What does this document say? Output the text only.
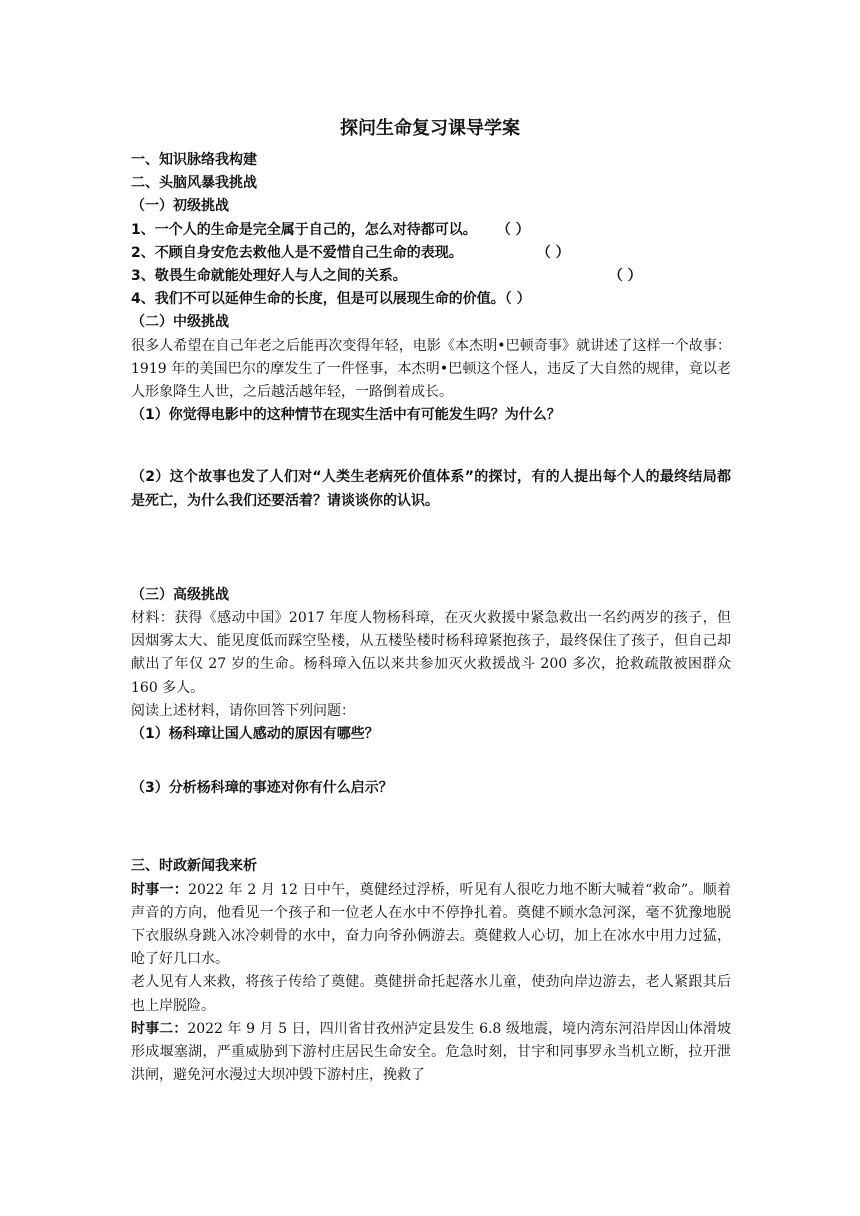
探问生命复习课导学案
一、知识脉络我构建
二、头脑风暴我挑战
（一）初级挑战
1、一个人的生命是完全属于自己的，怎么对待都可以。 （ ）
2、不顾自身安危去救他人是不爱惜自己生命的表现。	（ ）
3、敬畏生命就能处理好人与人之间的关系。	（ ）
4、我们不可以延伸生命的长度，但是可以展现生命的价值。（ ）
（二）中级挑战
很多人希望在自己年老之后能再次变得年轻，电影《本杰明•巴顿奇事》就讲述了这样一个故事：1919 年的美国巴尔的摩发生了一件怪事，本杰明•巴顿这个怪人，违反了大自然的规律，竟以老人形象降生人世，之后越活越年轻，一路倒着成长。
（1）你觉得电影中的这种情节在现实生活中有可能发生吗？为什么？
（2）这个故事也发了人们对“人类生老病死价值体系”的探讨，有的人提出每个人的最终结局都是死亡，为什么我们还要活着？请谈谈你的认识。
（三）高级挑战
材料：获得《感动中国》2017 年度人物杨科璋，在灭火救援中紧急救出一名约两岁的孩子，但因烟雾太大、能见度低而踩空坠楼，从五楼坠楼时杨科璋紧抱孩子，最终保住了孩子，但自己却献出了年仅 27 岁的生命。杨科璋入伍以来共参加灭火救援战斗 200 多次，抢救疏散被困群众 160 多人。
阅读上述材料，请你回答下列问题：
（1）杨科璋让国人感动的原因有哪些？
（3）分析杨科璋的事迹对你有什么启示？
三、时政新闻我来析
时事一：2022 年 2 月 12 日中午，奠健经过浮桥，听见有人很吃力地不断大喊着“救命”。顺着声音的方向，他看见一个孩子和一位老人在水中不停挣扎着。奠健不顾水急河深，毫不犹豫地脱下衣服纵身跳入冰冷刺骨的水中，奋力向爷孙俩游去。奠健救人心切，加上在冰水中用力过猛，呛了好几口水。
老人见有人来救，将孩子传给了奠健。奠健拼命托起落水儿童，使劲向岸边游去，老人紧跟其后也上岸脱险。
时事二：2022 年 9 月 5 日，四川省甘孜州泸定县发生 6.8 级地震，境内湾东河沿岸因山体滑坡形成堰塞湖，严重威胁到下游村庄居民生命安全。危急时刻，甘宇和同事罗永当机立断，拉开泄洪闸，避免河水漫过大坝冲毁下游村庄，挽救了
